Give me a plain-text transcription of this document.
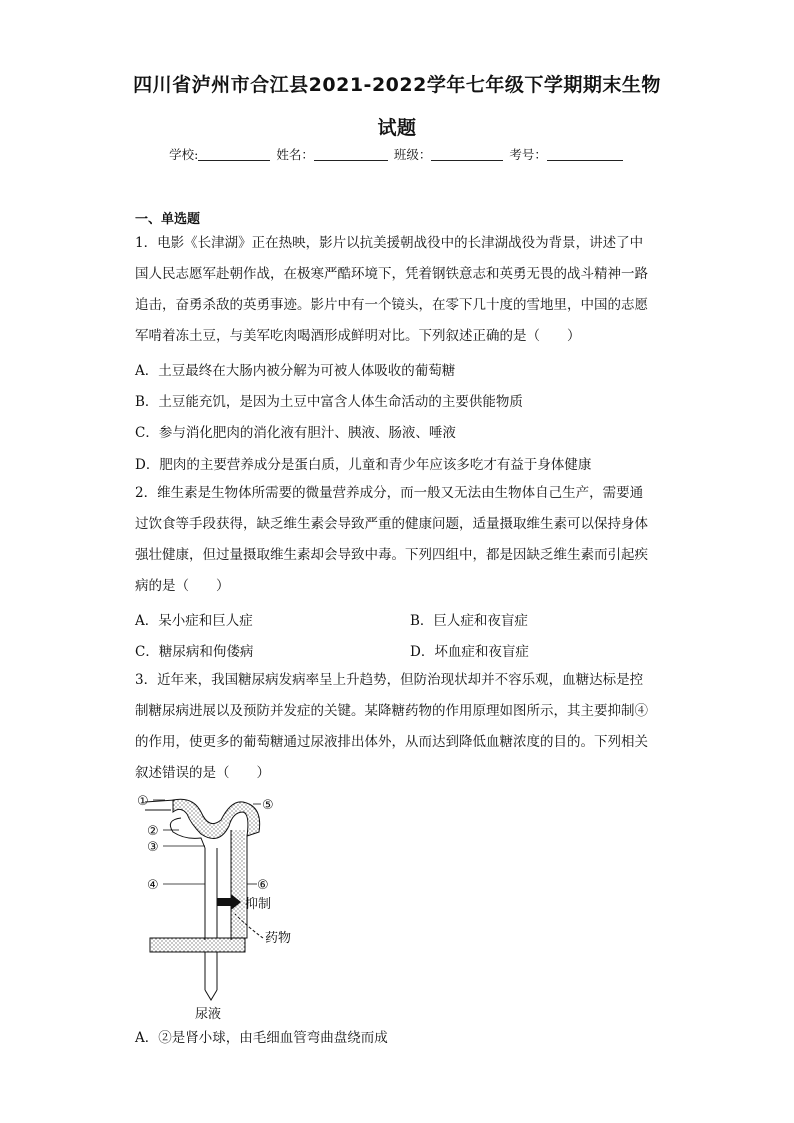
四川省泸州市合江县2021-2022学年七年级下学期期末生物
试题
学校:	姓名：	班级：	考号：
一、单选题
1．电影《长津湖》正在热映，影片以抗美援朝战役中的长津湖战役为背景，讲述了中
国人民志愿军赴朝作战，在极寒严酷环境下，凭着钢铁意志和英勇无畏的战斗精神一路
追击，奋勇杀敌的英勇事迹。影片中有一个镜头，在零下几十度的雪地里，中国的志愿
军啃着冻土豆，与美军吃肉喝酒形成鲜明对比。下列叙述正确的是（　　）
A．土豆最终在大肠内被分解为可被人体吸收的葡萄糖
B．土豆能充饥，是因为土豆中富含人体生命活动的主要供能物质
C．参与消化肥肉的消化液有胆汁、胰液、肠液、唾液
D．肥肉的主要营养成分是蛋白质，儿童和青少年应该多吃才有益于身体健康
2．维生素是生物体所需要的微量营养成分，而一般又无法由生物体自己生产，需要通
过饮食等手段获得，缺乏维生素会导致严重的健康问题，适量摄取维生素可以保持身体
强壮健康，但过量摄取维生素却会导致中毒。下列四组中，都是因缺乏维生素而引起疾
病的是（　　）
A．呆小症和巨人症	B．巨人症和夜盲症
C．糖尿病和佝偻病	D．坏血症和夜盲症
3．近年来，我国糖尿病发病率呈上升趋势，但防治现状却并不容乐观，血糖达标是控
制糖尿病进展以及预防并发症的关键。某降糖药物的作用原理如图所示，其主要抑制④
的作用，使更多的葡萄糖通过尿液排出体外，从而达到降低血糖浓度的目的。下列相关
叙述错误的是（　　）
①
②
③
④
⑤
⑥
抑制
药物
尿液
A．②是肾小球，由毛细血管弯曲盘绕而成
